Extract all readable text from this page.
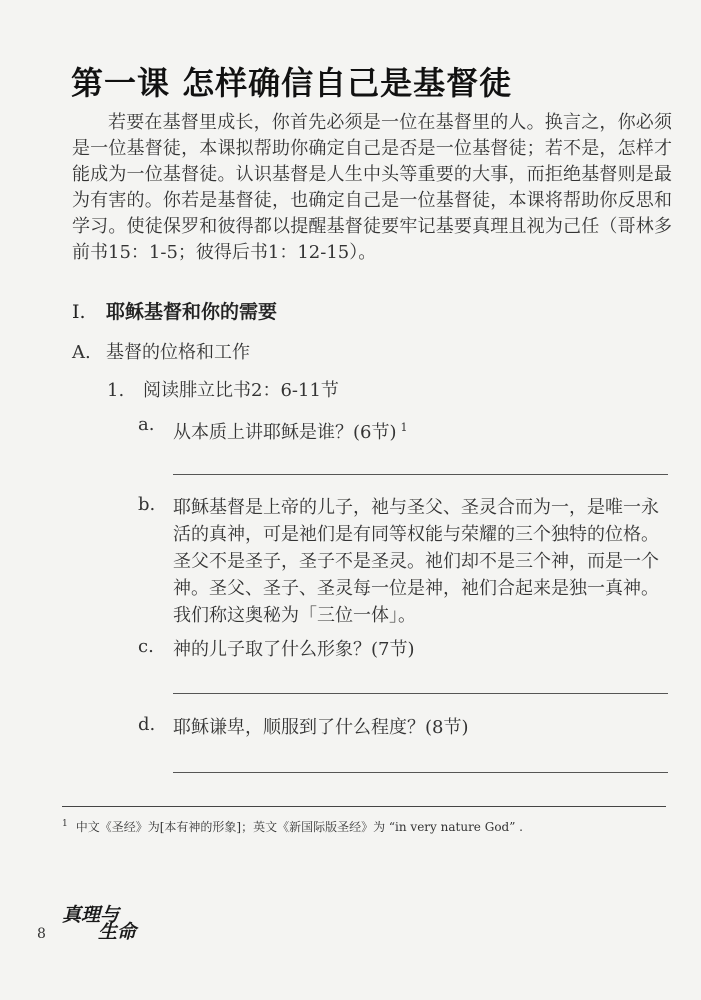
第一课 怎样确信自己是基督徒
若要在基督里成长，你首先必须是一位在基督里的人。换言之，你必须是一位基督徒，本课拟帮助你确定自己是否是一位基督徒；若不是，怎样才能成为一位基督徒。认识基督是人生中头等重要的大事，而拒绝基督则是最为有害的。你若是基督徒，也确定自己是一位基督徒，本课将帮助你反思和学习。使徒保罗和彼得都以提醒基督徒要牢记基要真理且视为己任（哥林多前书15：1-5；彼得后书1：12-15）。
I. 耶稣基督和你的需要
A. 基督的位格和工作
1. 阅读腓立比书2：6-11节
a.	从本质上讲耶稣是谁？(6节) $^1$
b. 耶稣基督是上帝的儿子，祂与圣父、圣灵合而为一，是唯一永活的真神，可是祂们是有同等权能与荣耀的三个独特的位格。圣父不是圣子，圣子不是圣灵。祂们却不是三个神，而是一个神。圣父、圣子、圣灵每一位是神，祂们合起来是独一真神。我们称这奥秘为「三位一体」。
c.	神的儿子取了什么形象？(7节)
d. 耶稣谦卑，顺服到了什么程度？(8节)
$^1$ 中文《圣经》为[本有神的形象]；英文《新国际版圣经》为 “in very nature God” .
8
真理与
生命
